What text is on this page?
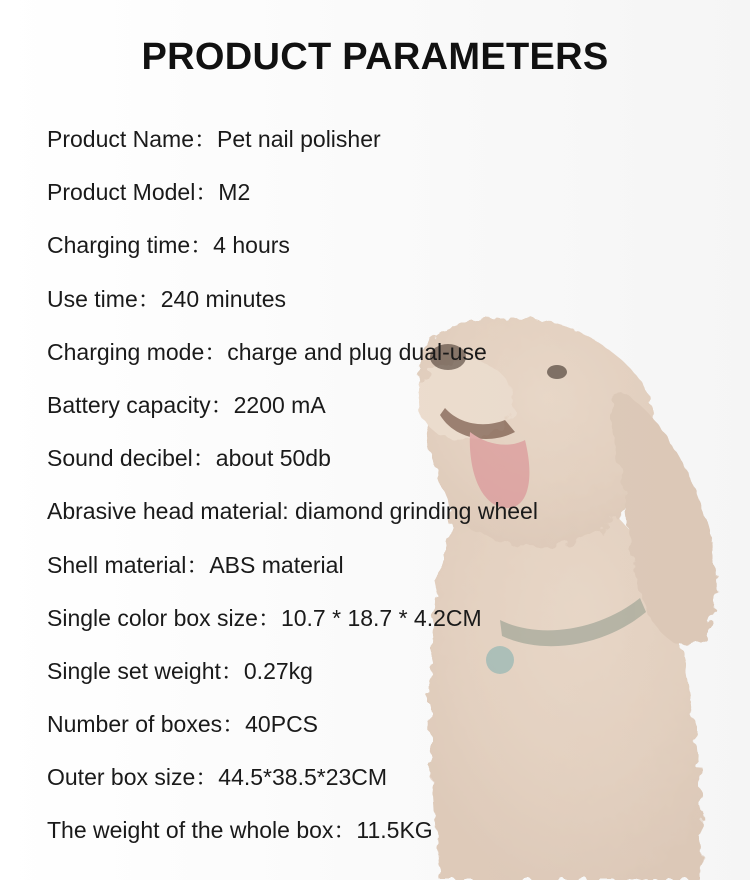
PRODUCT PARAMETERS
Product Name：Pet nail polisher
Product Model：M2
Charging time：4 hours
Use time：240 minutes
Charging mode：charge and plug dual-use
Battery capacity：2200 mA
Sound decibel：about 50db
Abrasive head material: diamond grinding wheel
Shell material：ABS material
Single color box size：10.7 * 18.7 * 4.2CM
Single set weight：0.27kg
Number of boxes：40PCS
Outer box size：44.5*38.5*23CM
The weight of the whole box：11.5KG
